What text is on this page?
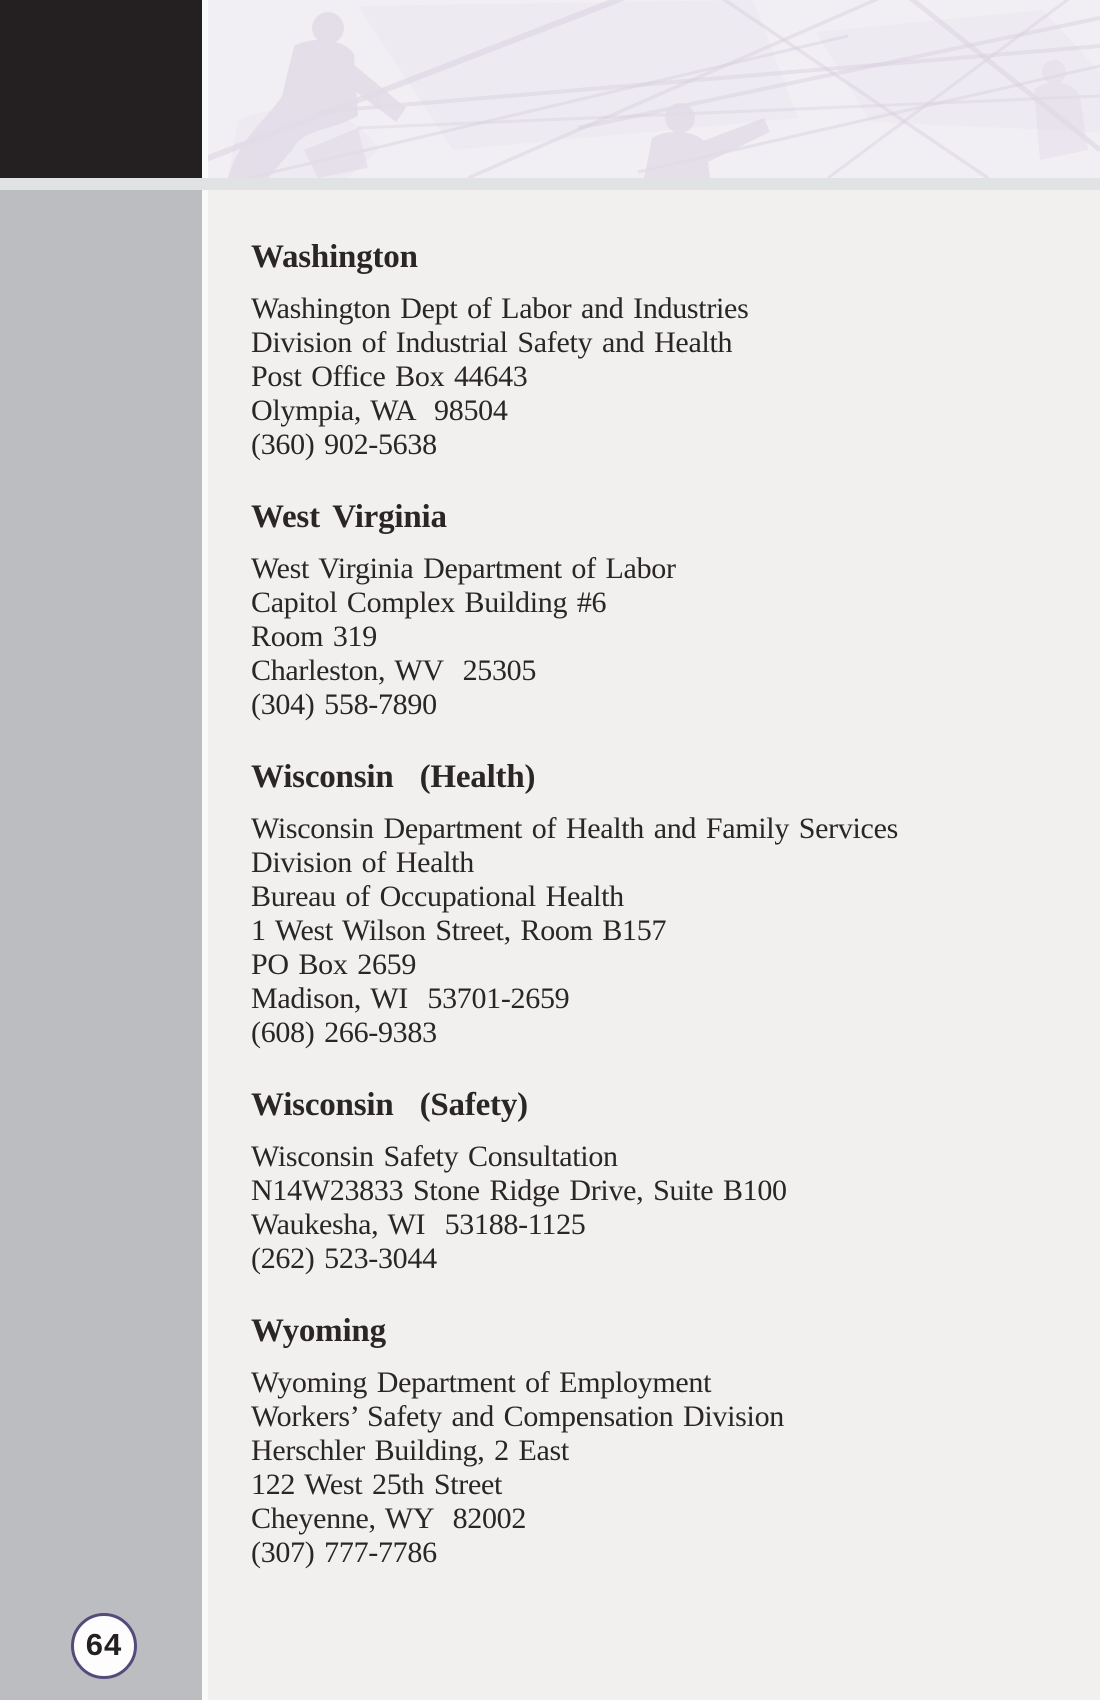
Washington
Washington Dept of Labor and Industries
Division of Industrial Safety and Health
Post Office Box 44643
Olympia, WA  98504
(360) 902-5638
West Virginia
West Virginia Department of Labor
Capitol Complex Building #6
Room 319
Charleston, WV  25305
(304) 558-7890
Wisconsin  (Health)
Wisconsin Department of Health and Family Services
Division of Health
Bureau of Occupational Health
1 West Wilson Street, Room B157
PO Box 2659
Madison, WI  53701-2659
(608) 266-9383
Wisconsin  (Safety)
Wisconsin Safety Consultation
N14W23833 Stone Ridge Drive, Suite B100
Waukesha, WI  53188-1125
(262) 523-3044
Wyoming
Wyoming Department of Employment
Workers’ Safety and Compensation Division
Herschler Building, 2 East
122 West 25th Street
Cheyenne, WY  82002
(307) 777-7786
64
